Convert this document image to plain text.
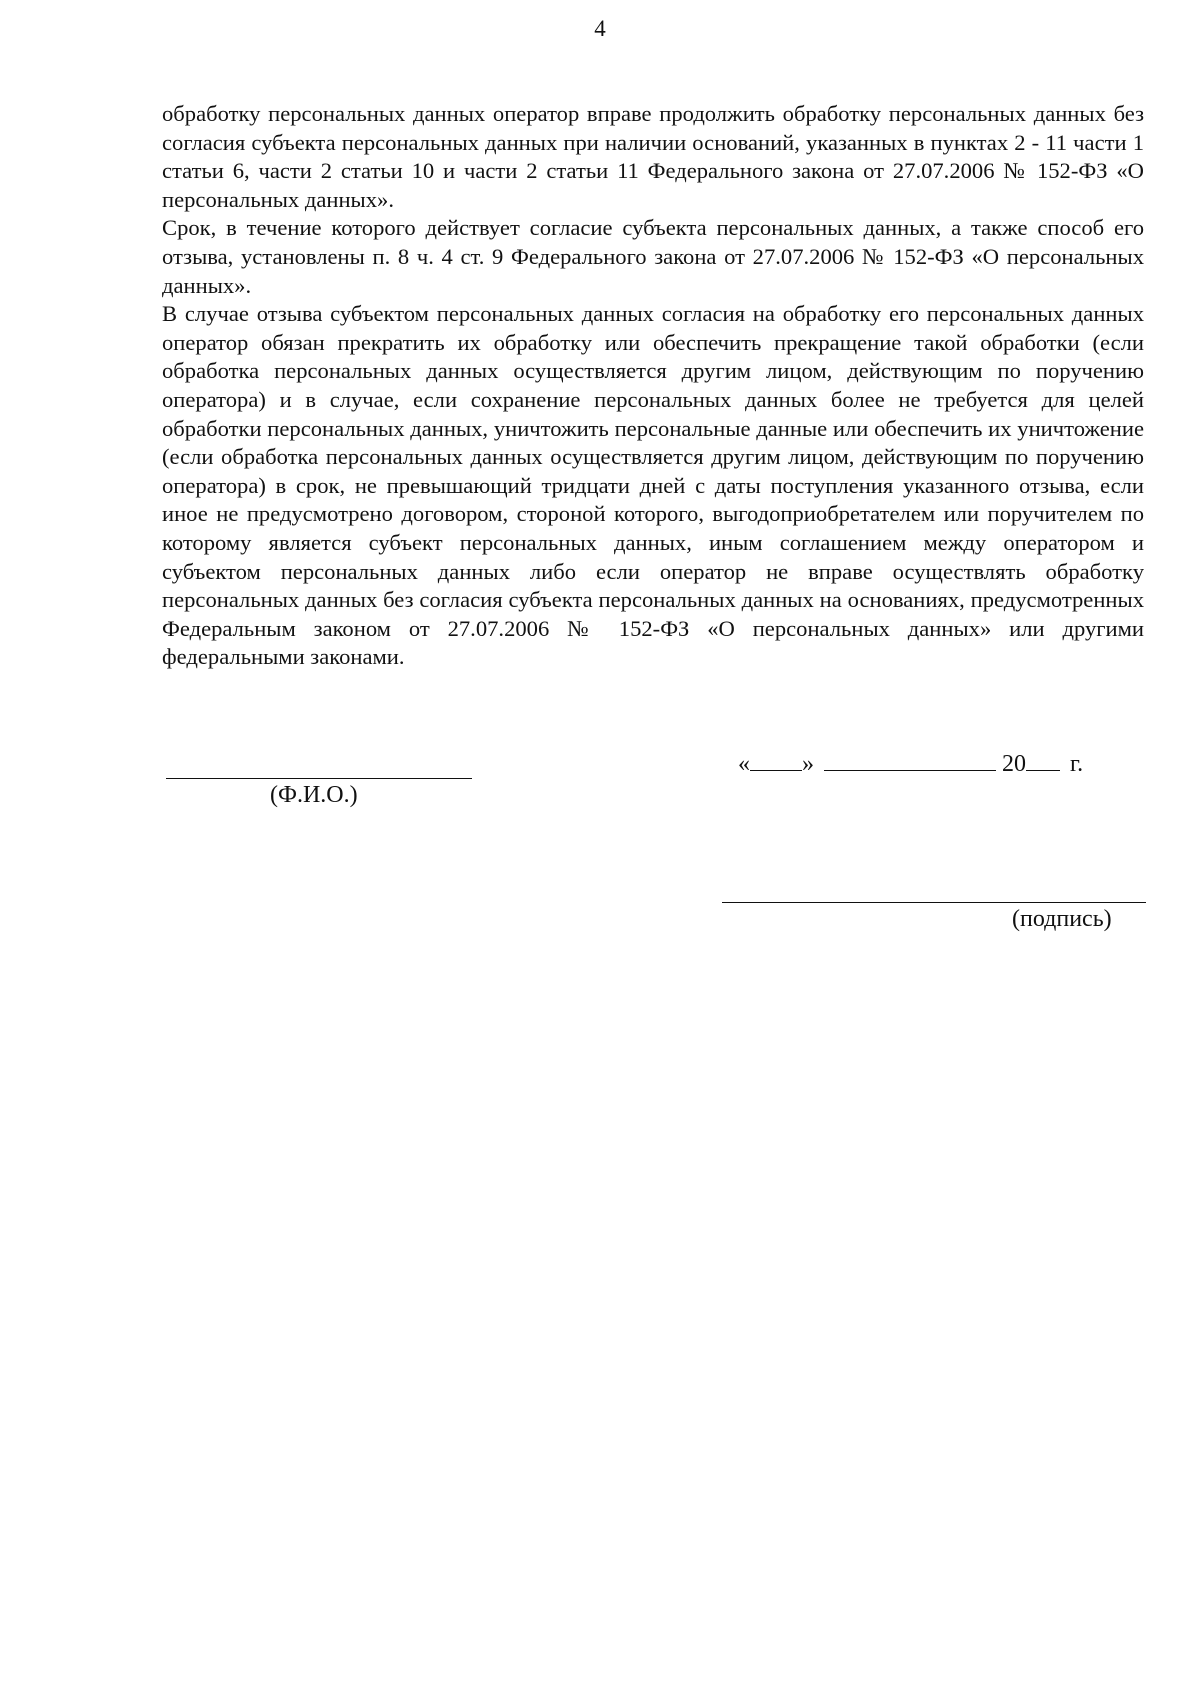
4

обработку персональных данных оператор вправе продолжить обработку персональных данных без согласия субъекта персональных данных при наличии оснований, указанных в пунктах 2 - 11 части 1 статьи 6, части 2 статьи 10 и части 2 статьи 11 Федерального закона от 27.07.2006 № 152-ФЗ «О персональных данных».

Срок, в течение которого действует согласие субъекта персональных данных, а также способ его отзыва, установлены п. 8 ч. 4 ст. 9 Федерального закона от 27.07.2006 № 152-ФЗ «О персональных данных».

В случае отзыва субъектом персональных данных согласия на обработку его персональных данных оператор обязан прекратить их обработку или обеспечить прекращение такой обработки (если обработка персональных данных осуществляется другим лицом, действующим по поручению оператора) и в случае, если сохранение персональных данных более не требуется для целей обработки персональных данных, уничтожить персональные данные или обеспечить их уничтожение (если обработка персональных данных осуществляется другим лицом, действующим по поручению оператора) в срок, не превышающий тридцати дней с даты поступления указанного отзыва, если иное не предусмотрено договором, стороной которого, выгодоприобретателем или поручителем по которому является субъект персональных данных, иным соглашением между оператором и субъектом персональных данных либо если оператор не вправе осуществлять обработку персональных данных без согласия субъекта персональных данных на основаниях, предусмотренных Федеральным законом от 27.07.2006 № 152-ФЗ «О персональных данных» или другими федеральными законами.

(Ф.И.О.)
« »	20 г.
(подпись)
